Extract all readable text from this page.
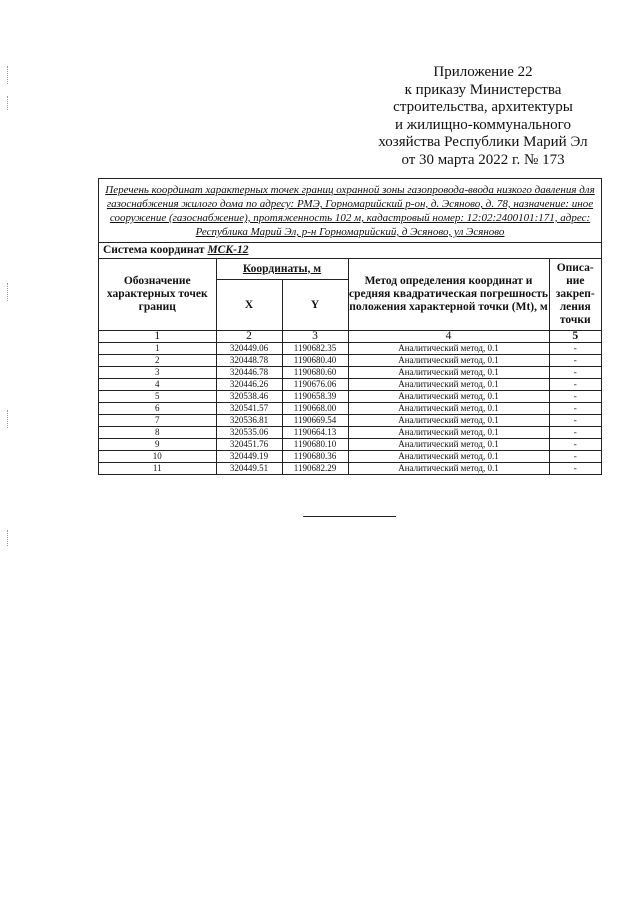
Приложение 22
к приказу Министерства
строительства, архитектуры
и жилищно-коммунального
хозяйства Республики Марий Эл
от 30 марта 2022 г. № 173
Перечень координат характерных точек границ охранной зоны газопровода-ввода низкого давления для газоснабжения жилого дома по адресу: РМЭ, Горномарийский р-он, д. Эсяново, д. 78, назначение: иное сооружение (газоснабжение), протяженность 102 м, кадастровый номер: 12:02:2400101:171, адрес: Республика Марий Эл, р-н Горномарийский, д Эсяново, ул Эсяново
Система координат МСК-12
Обозначение характерных точек границ	Координаты, м		Метод определения координат и средняя квадратическая погрешность положения характерной точки (Mt), м	Описа-ние закреп-ления точки
	X	Y		
1	2	3	4	5
1	320449.06	1190682.35	Аналитический метод, 0.1	-
2	320448.78	1190680.40	Аналитический метод, 0.1	-
3	320446.78	1190680.60	Аналитический метод, 0.1	-
4	320446.26	1190676.06	Аналитический метод, 0.1	-
5	320538.46	1190658.39	Аналитический метод, 0.1	-
6	320541.57	1190668.00	Аналитический метод, 0.1	-
7	320536.81	1190669.54	Аналитический метод, 0.1	-
8	320535.06	1190664.13	Аналитический метод, 0.1	-
9	320451.76	1190680.10	Аналитический метод, 0.1	-
10	320449.19	1190680.36	Аналитический метод, 0.1	-
11	320449.51	1190682.29	Аналитический метод, 0.1	-
